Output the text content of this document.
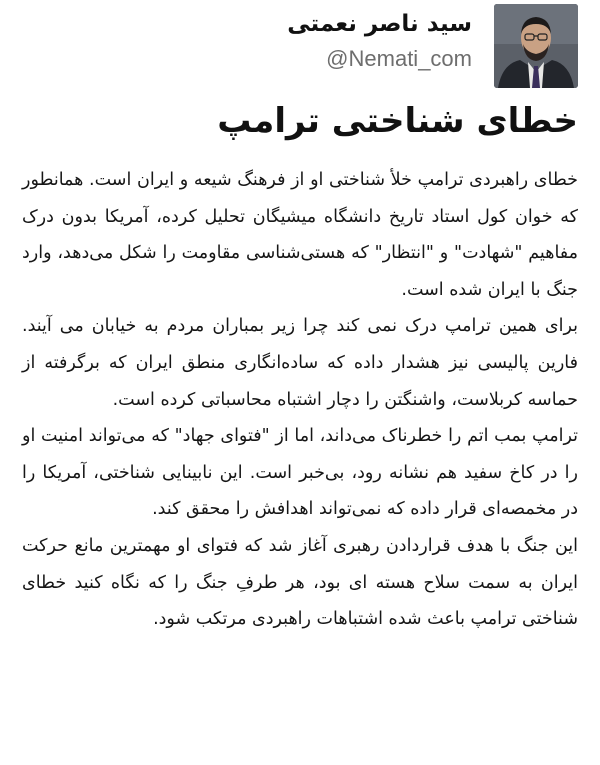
سید ناصر نعمتی
@Nemati_com
خطای شناختی ترامپ

خطای راهبردی ترامپ خلأ شناختی او از فرهنگ شیعه و ایران است. همانطور که خوان کول استاد تاریخ دانشگاه میشیگان تحلیل کرده، آمریکا بدون درک مفاهیم "شهادت" و "انتظار" که هستی‌شناسی مقاومت را شکل می‌دهد، وارد جنگ با ایران شده است.

برای همین ترامپ درک نمی کند چرا زیر بمباران مردم به خیابان می آیند. فارین پالیسی نیز هشدار داده که ساده‌انگاری منطق ایران که برگرفته از حماسه کربلاست، واشنگتن را دچار اشتباه محاسباتی کرده است.

ترامپ بمب اتم را خطرناک می‌داند، اما از "فتوای جهاد" که می‌تواند امنیت او را در کاخ سفید هم نشانه رود، بی‌خبر است. این نابینایی شناختی، آمریکا را در مخمصه‌ای قرار داده که نمی‌تواند اهدافش را محقق کند.

این جنگ با هدف قراردادن رهبری آغاز شد که فتوای او مهمترین مانع حرکت ایران به سمت سلاح هسته ای بود، هر طرفِ جنگ را که نگاه کنید خطای شناختی ترامپ باعث شده اشتباهات راهبردی مرتکب شود.
